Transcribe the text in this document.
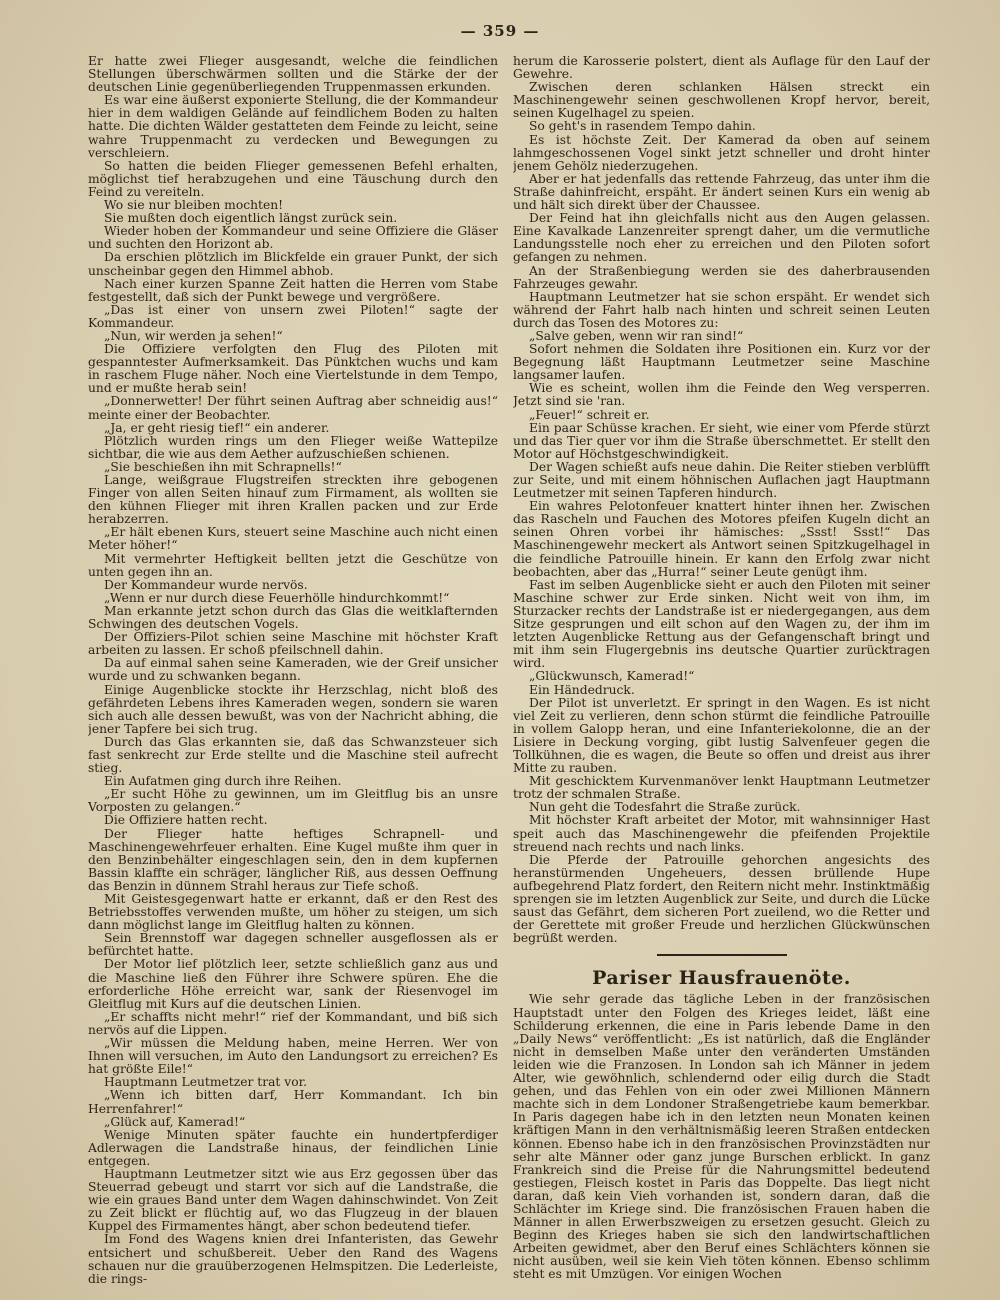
— 359 —

Er hatte zwei Flieger ausgesandt, welche die feindlichen Stellungen überschwärmen sollten und die Stärke der der deutschen Linie gegenüberliegenden Truppenmassen erkunden.

Es war eine äußerst exponierte Stellung, die der Kommandeur hier in dem waldigen Gelände auf feindlichem Boden zu halten hatte. Die dichten Wälder gestatteten dem Feinde zu leicht, seine wahre Truppenmacht zu verdecken und Bewegungen zu verschleiern.

So hatten die beiden Flieger gemessenen Befehl erhalten, möglichst tief herabzugehen und eine Täuschung durch den Feind zu vereiteln.

Wo sie nur bleiben mochten!

Sie mußten doch eigentlich längst zurück sein.

Wieder hoben der Kommandeur und seine Offiziere die Gläser und suchten den Horizont ab.

Da erschien plötzlich im Blickfelde ein grauer Punkt, der sich unscheinbar gegen den Himmel abhob.

Nach einer kurzen Spanne Zeit hatten die Herren vom Stabe festgestellt, daß sich der Punkt bewege und vergrößere.

„Das ist einer von unsern zwei Piloten!“ sagte der Kommandeur.

„Nun, wir werden ja sehen!“

Die Offiziere verfolgten den Flug des Piloten mit gespanntester Aufmerksamkeit. Das Pünktchen wuchs und kam in raschem Fluge näher. Noch eine Viertelstunde in dem Tempo, und er mußte herab sein!

„Donnerwetter! Der führt seinen Auftrag aber schneidig aus!“ meinte einer der Beobachter.

„Ja, er geht riesig tief!“ ein anderer.

Plötzlich wurden rings um den Flieger weiße Wattepilze sichtbar, die wie aus dem Aether aufzuschießen schienen.

„Sie beschießen ihn mit Schrapnells!“

Lange, weißgraue Flugstreifen streckten ihre gebogenen Finger von allen Seiten hinauf zum Firmament, als wollten sie den kühnen Flieger mit ihren Krallen packen und zur Erde herabzerren.

„Er hält ebenen Kurs, steuert seine Maschine auch nicht einen Meter höher!“

Mit vermehrter Heftigkeit bellten jetzt die Geschütze von unten gegen ihn an.

Der Kommandeur wurde nervös.

„Wenn er nur durch diese Feuerhölle hindurchkommt!“

Man erkannte jetzt schon durch das Glas die weitklafternden Schwingen des deutschen Vogels.

Der Offiziers-Pilot schien seine Maschine mit höchster Kraft arbeiten zu lassen. Er schoß pfeilschnell dahin.

Da auf einmal sahen seine Kameraden, wie der Greif unsicher wurde und zu schwanken begann.

Einige Augenblicke stockte ihr Herzschlag, nicht bloß des gefährdeten Lebens ihres Kameraden wegen, sondern sie waren sich auch alle dessen bewußt, was von der Nachricht abhing, die jener Tapfere bei sich trug.

Durch das Glas erkannten sie, daß das Schwanzsteuer sich fast senkrecht zur Erde stellte und die Maschine steil aufrecht stieg.

Ein Aufatmen ging durch ihre Reihen.

„Er sucht Höhe zu gewinnen, um im Gleitflug bis an unsre Vorposten zu gelangen.“

Die Offiziere hatten recht.

Der Flieger hatte heftiges Schrapnell- und Maschinengewehrfeuer erhalten. Eine Kugel mußte ihm quer in den Benzinbehälter eingeschlagen sein, den in dem kupfernen Bassin klaffte ein schräger, länglicher Riß, aus dessen Oeffnung das Benzin in dünnem Strahl heraus zur Tiefe schoß.

Mit Geistesgegenwart hatte er erkannt, daß er den Rest des Betriebsstoffes verwenden mußte, um höher zu steigen, um sich dann möglichst lange im Gleitflug halten zu können.

Sein Brennstoff war dagegen schneller ausgeflossen als er befürchtet hatte.

Der Motor lief plötzlich leer, setzte schließlich ganz aus und die Maschine ließ den Führer ihre Schwere spüren. Ehe die erforderliche Höhe erreicht war, sank der Riesenvogel im Gleitflug mit Kurs auf die deutschen Linien.

„Er schaffts nicht mehr!“ rief der Kommandant, und biß sich nervös auf die Lippen.

„Wir müssen die Meldung haben, meine Herren. Wer von Ihnen will versuchen, im Auto den Landungsort zu erreichen? Es hat größte Eile!“

Hauptmann Leutmetzer trat vor.

„Wenn ich bitten darf, Herr Kommandant. Ich bin Herrenfahrer!“

„Glück auf, Kamerad!“

Wenige Minuten später fauchte ein hundertpferdiger Adlerwagen die Landstraße hinaus, der feindlichen Linie entgegen.

Hauptmann Leutmetzer sitzt wie aus Erz gegossen über das Steuerrad gebeugt und starrt vor sich auf die Landstraße, die wie ein graues Band unter dem Wagen dahinschwindet. Von Zeit zu Zeit blickt er flüchtig auf, wo das Flugzeug in der blauen Kuppel des Firmamentes hängt, aber schon bedeutend tiefer.

Im Fond des Wagens knien drei Infanteristen, das Gewehr entsichert und schußbereit. Ueber den Rand des Wagens schauen nur die grauüberzogenen Helmspitzen. Die Lederleiste, die rings-

herum die Karosserie polstert, dient als Auflage für den Lauf der Gewehre.

Zwischen deren schlanken Hälsen streckt ein Maschinengewehr seinen geschwollenen Kropf hervor, bereit, seinen Kugelhagel zu speien.

So geht's in rasendem Tempo dahin.

Es ist höchste Zeit. Der Kamerad da oben auf seinem lahmgeschossenen Vogel sinkt jetzt schneller und droht hinter jenem Gehölz niederzugehen.

Aber er hat jedenfalls das rettende Fahrzeug, das unter ihm die Straße dahinfreicht, erspäht. Er ändert seinen Kurs ein wenig ab und hält sich direkt über der Chaussee.

Der Feind hat ihn gleichfalls nicht aus den Augen gelassen. Eine Kavalkade Lanzenreiter sprengt daher, um die vermutliche Landungsstelle noch eher zu erreichen und den Piloten sofort gefangen zu nehmen.

An der Straßenbiegung werden sie des daherbrausenden Fahrzeuges gewahr.

Hauptmann Leutmetzer hat sie schon erspäht. Er wendet sich während der Fahrt halb nach hinten und schreit seinen Leuten durch das Tosen des Motores zu:

„Salve geben, wenn wir ran sind!“

Sofort nehmen die Soldaten ihre Positionen ein. Kurz vor der Begegnung läßt Hauptmann Leutmetzer seine Maschine langsamer laufen.

Wie es scheint, wollen ihm die Feinde den Weg versperren. Jetzt sind sie 'ran.

„Feuer!“ schreit er.

Ein paar Schüsse krachen. Er sieht, wie einer vom Pferde stürzt und das Tier quer vor ihm die Straße überschmettet. Er stellt den Motor auf Höchstgeschwindigkeit.

Der Wagen schießt aufs neue dahin. Die Reiter stieben verblüfft zur Seite, und mit einem höhnischen Auflachen jagt Hauptmann Leutmetzer mit seinen Tapferen hindurch.

Ein wahres Pelotonfeuer knattert hinter ihnen her. Zwischen das Rascheln und Fauchen des Motores pfeifen Kugeln dicht an seinen Ohren vorbei ihr hämisches: „Ssst! Ssst!“ Das Maschinengewehr meckert als Antwort seinen Spitzkugelhagel in die feindliche Patrouille hinein. Er kann den Erfolg zwar nicht beobachten, aber das „Hurra!“ seiner Leute genügt ihm.

Fast im selben Augenblicke sieht er auch den Piloten mit seiner Maschine schwer zur Erde sinken. Nicht weit von ihm, im Sturzacker rechts der Landstraße ist er niedergegangen, aus dem Sitze gesprungen und eilt schon auf den Wagen zu, der ihm im letzten Augenblicke Rettung aus der Gefangenschaft bringt und mit ihm sein Flugergebnis ins deutsche Quartier zurücktragen wird.

„Glückwunsch, Kamerad!“

Ein Händedruck.

Der Pilot ist unverletzt. Er springt in den Wagen. Es ist nicht viel Zeit zu verlieren, denn schon stürmt die feindliche Patrouille in vollem Galopp heran, und eine Infanteriekolonne, die an der Lisiere in Deckung vorging, gibt lustig Salvenfeuer gegen die Tollkühnen, die es wagen, die Beute so offen und dreist aus ihrer Mitte zu rauben.

Mit geschicktem Kurvenmanöver lenkt Hauptmann Leutmetzer trotz der schmalen Straße.

Nun geht die Todesfahrt die Straße zurück.

Mit höchster Kraft arbeitet der Motor, mit wahnsinniger Hast speit auch das Maschinengewehr die pfeifenden Projektile streuend nach rechts und nach links.

Die Pferde der Patrouille gehorchen angesichts des heranstürmenden Ungeheuers, dessen brüllende Hupe aufbegehrend Platz fordert, den Reitern nicht mehr. Instinktmäßig sprengen sie im letzten Augenblick zur Seite, und durch die Lücke saust das Gefährt, dem sicheren Port zueilend, wo die Retter und der Gerettete mit großer Freude und herzlichen Glückwünschen begrüßt werden.

Pariser Hausfrauenöte.

Wie sehr gerade das tägliche Leben in der französischen Hauptstadt unter den Folgen des Krieges leidet, läßt eine Schilderung erkennen, die eine in Paris lebende Dame in den „Daily News“ veröffentlicht: „Es ist natürlich, daß die Engländer nicht in demselben Maße unter den veränderten Umständen leiden wie die Franzosen. In London sah ich Männer in jedem Alter, wie gewöhnlich, schlendernd oder eilig durch die Stadt gehen, und das Fehlen von ein oder zwei Millionen Männern machte sich in dem Londoner Straßengetriebe kaum bemerkbar. In Paris dagegen habe ich in den letzten neun Monaten keinen kräftigen Mann in den verhältnismäßig leeren Straßen entdecken können. Ebenso habe ich in den französischen Provinzstädten nur sehr alte Männer oder ganz junge Burschen erblickt. In ganz Frankreich sind die Preise für die Nahrungsmittel bedeutend gestiegen, Fleisch kostet in Paris das Doppelte. Das liegt nicht daran, daß kein Vieh vorhanden ist, sondern daran, daß die Schlächter im Kriege sind. Die französischen Frauen haben die Männer in allen Erwerbszweigen zu ersetzen gesucht. Gleich zu Beginn des Krieges haben sie sich den landwirtschaftlichen Arbeiten gewidmet, aber den Beruf eines Schlächters können sie nicht ausüben, weil sie kein Vieh töten können. Ebenso schlimm steht es mit Umzügen. Vor einigen Wochen
